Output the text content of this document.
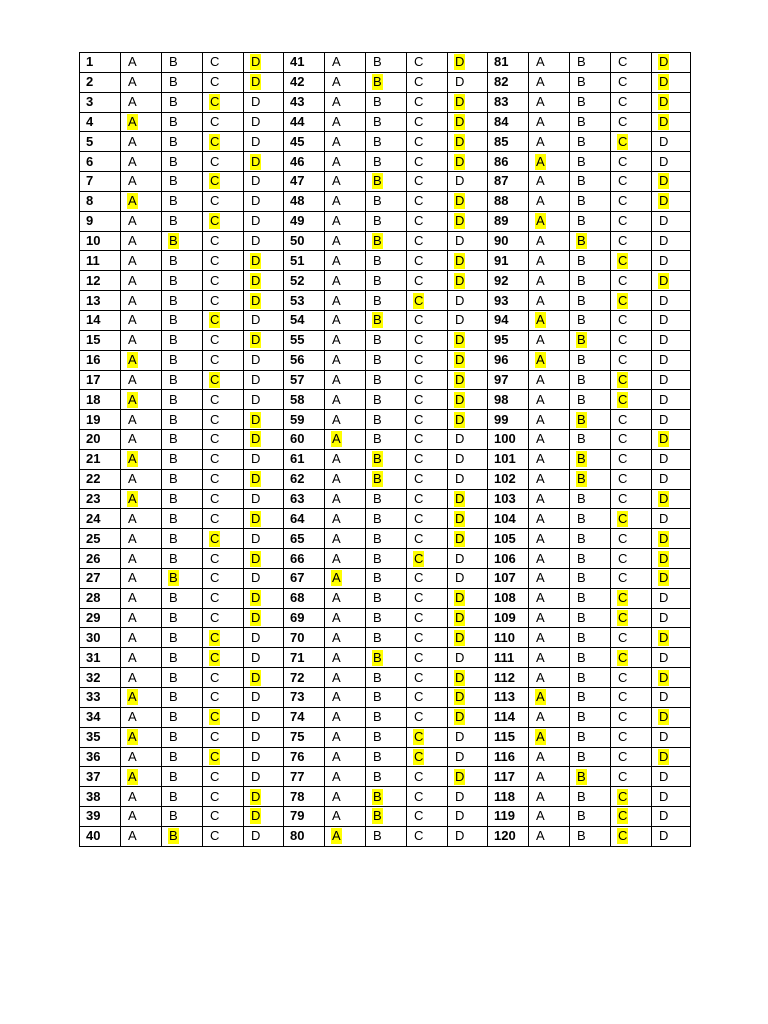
1	A	B	C	D	41	A	B	C	D	81	A	B	C	D
2	A	B	C	D	42	A	B	C	D	82	A	B	C	D
3	A	B	C	D	43	A	B	C	D	83	A	B	C	D
4	A	B	C	D	44	A	B	C	D	84	A	B	C	D
5	A	B	C	D	45	A	B	C	D	85	A	B	C	D
6	A	B	C	D	46	A	B	C	D	86	A	B	C	D
7	A	B	C	D	47	A	B	C	D	87	A	B	C	D
8	A	B	C	D	48	A	B	C	D	88	A	B	C	D
9	A	B	C	D	49	A	B	C	D	89	A	B	C	D
10	A	B	C	D	50	A	B	C	D	90	A	B	C	D
11	A	B	C	D	51	A	B	C	D	91	A	B	C	D
12	A	B	C	D	52	A	B	C	D	92	A	B	C	D
13	A	B	C	D	53	A	B	C	D	93	A	B	C	D
14	A	B	C	D	54	A	B	C	D	94	A	B	C	D
15	A	B	C	D	55	A	B	C	D	95	A	B	C	D
16	A	B	C	D	56	A	B	C	D	96	A	B	C	D
17	A	B	C	D	57	A	B	C	D	97	A	B	C	D
18	A	B	C	D	58	A	B	C	D	98	A	B	C	D
19	A	B	C	D	59	A	B	C	D	99	A	B	C	D
20	A	B	C	D	60	A	B	C	D	100	A	B	C	D
21	A	B	C	D	61	A	B	C	D	101	A	B	C	D
22	A	B	C	D	62	A	B	C	D	102	A	B	C	D
23	A	B	C	D	63	A	B	C	D	103	A	B	C	D
24	A	B	C	D	64	A	B	C	D	104	A	B	C	D
25	A	B	C	D	65	A	B	C	D	105	A	B	C	D
26	A	B	C	D	66	A	B	C	D	106	A	B	C	D
27	A	B	C	D	67	A	B	C	D	107	A	B	C	D
28	A	B	C	D	68	A	B	C	D	108	A	B	C	D
29	A	B	C	D	69	A	B	C	D	109	A	B	C	D
30	A	B	C	D	70	A	B	C	D	110	A	B	C	D
31	A	B	C	D	71	A	B	C	D	111	A	B	C	D
32	A	B	C	D	72	A	B	C	D	112	A	B	C	D
33	A	B	C	D	73	A	B	C	D	113	A	B	C	D
34	A	B	C	D	74	A	B	C	D	114	A	B	C	D
35	A	B	C	D	75	A	B	C	D	115	A	B	C	D
36	A	B	C	D	76	A	B	C	D	116	A	B	C	D
37	A	B	C	D	77	A	B	C	D	117	A	B	C	D
38	A	B	C	D	78	A	B	C	D	118	A	B	C	D
39	A	B	C	D	79	A	B	C	D	119	A	B	C	D
40	A	B	C	D	80	A	B	C	D	120	A	B	C	D
